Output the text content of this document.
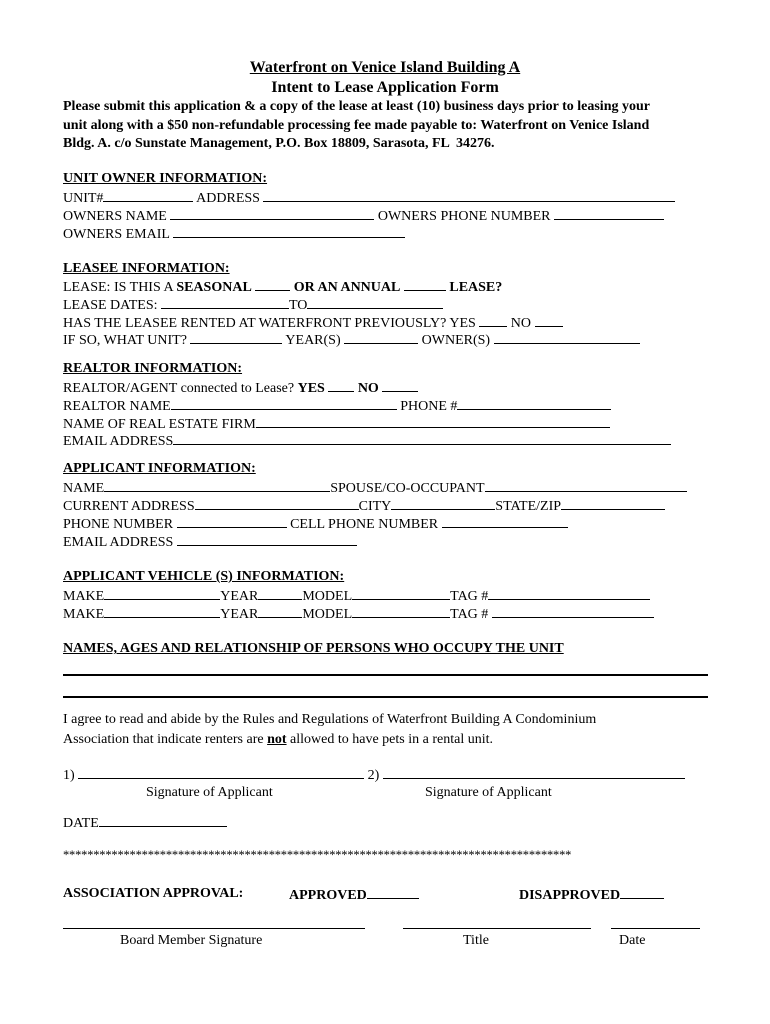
Waterfront on Venice Island Building A
Intent to Lease Application Form
Please submit this application & a copy of the lease at least (10) business days prior to leasing your
unit along with a $50 non-refundable processing fee made payable to: Waterfront on Venice Island
Bldg. A. c/o Sunstate Management, P.O. Box 18809, Sarasota, FL  34276.
UNIT OWNER INFORMATION:
UNIT#	ADDRESS
OWNERS NAME	OWNERS PHONE NUMBER
OWNERS EMAIL
LEASEE INFORMATION:
LEASE: IS THIS A SEASONAL	OR AN ANNUAL	LEASE?
LEASE DATES:	TO
HAS THE LEASEE RENTED AT WATERFRONT PREVIOUSLY? YES	NO
IF SO, WHAT UNIT?	YEAR(S)	OWNER(S)
REALTOR INFORMATION:
REALTOR/AGENT connected to Lease? YES NO
REALTOR NAME	PHONE #
NAME OF REAL ESTATE FIRM
EMAIL ADDRESS
APPLICANT INFORMATION:
NAME	SPOUSE/CO-OCCUPANT
CURRENT ADDRESS	CITY	STATE/ZIP
PHONE NUMBER	CELL PHONE NUMBER
EMAIL ADDRESS
APPLICANT VEHICLE (S) INFORMATION:
MAKE	YEAR	MODEL	TAG #
MAKE	YEAR	MODEL	TAG #
NAMES, AGES AND RELATIONSHIP OF PERSONS WHO OCCUPY THE UNIT
I agree to read and abide by the Rules and Regulations of Waterfront Building A Condominium
Association that indicate renters are not allowed to have pets in a rental unit.
1)	2)
Signature of Applicant	Signature of Applicant
DATE
************************************************************************************
ASSOCIATION APPROVAL:	APPROVED	DISAPPROVED
Board Member Signature	Title	Date
